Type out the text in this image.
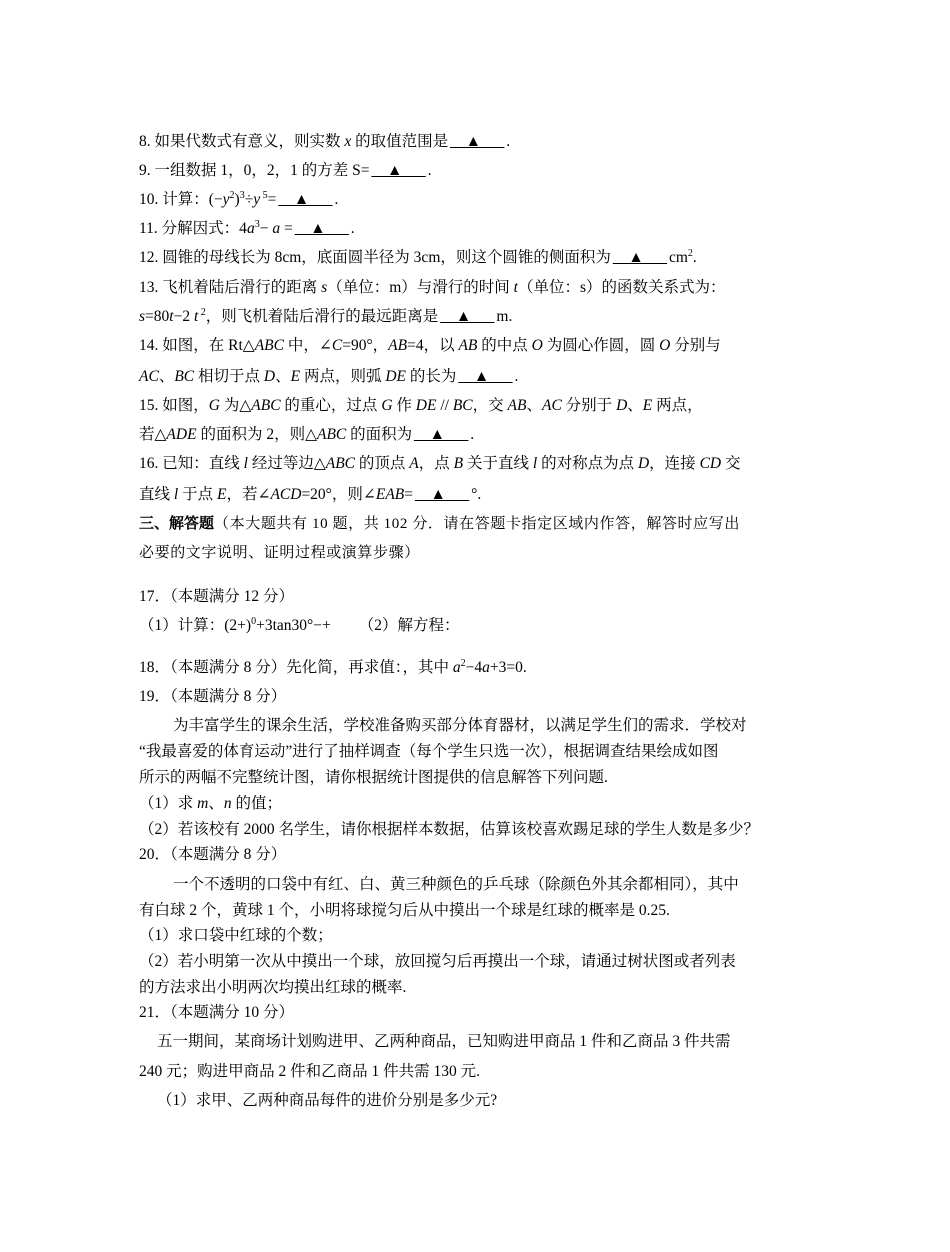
8. 如果代数式有意义，则实数 x 的取值范围是 __▲___ .
9. 一组数据 1，0，2，1 的方差 S= __▲___ .
10. 计算：$(-y^2)^3\div y$ $^5$= __▲___ .
11. 分解因式：$4a^3- a$ = __▲___ .
12. 圆锥的母线长为 8cm，底面圆半径为 3cm，则这个圆锥的侧面积为 __▲___ $cm^2$.
13. 飞机着陆后滑行的距离 s（单位：m）与滑行的时间 t（单位：s）的函数关系式为：
s=80t−2 t $^2$，则飞机着陆后滑行的最远距离是 __▲___ m.
14. 如图，在 Rt△ABC 中，∠C=90°，AB=4，以 AB 的中点 O 为圆心作圆，圆 O 分别与
AC、BC 相切于点 D、E 两点，则弧 DE 的长为 __▲___ .
15. 如图，G 为△ABC 的重心，过点 G 作 DE // BC，交 AB、AC 分别于 D、E 两点，
若△ADE 的面积为 2，则△ABC 的面积为 __▲___ .
16. 已知：直线 l 经过等边△ABC 的顶点 A，点 B 关于直线 l 的对称点为点 D，连接 CD 交
直线 l 于点 E，若∠ACD=20°，则∠EAB= __▲___ °.
三、解答题（本大题共有 10 题，共 102 分．请在答题卡指定区域内作答，解答时应写出
必要的文字说明、证明过程或演算步骤）
17．（本题满分 12 分）
（1）计算：$(2+)^0+3\tan 30^\circ-+ (2)$解方程：
18．（本题满分 8 分）先化简，再求值：，其中 $a^2-4a+3=0$.
19．（本题满分 8 分）
为丰富学生的课余生活，学校准备购买部分体育器材，以满足学生们的需求．学校对
“我最喜爱的体育运动”进行了抽样调查（每个学生只选一次），根据调查结果绘成如图
所示的两幅不完整统计图，请你根据统计图提供的信息解答下列问题.
（1）求 m、n 的值；
（2）若该校有 2000 名学生，请你根据样本数据，估算该校喜欢踢足球的学生人数是多少？
20．（本题满分 8 分）
一个不透明的口袋中有红、白、黄三种颜色的乒乓球（除颜色外其余都相同），其中
有白球 2 个，黄球 1 个，小明将球搅匀后从中摸出一个球是红球的概率是 0.25.
（1）求口袋中红球的个数；
（2）若小明第一次从中摸出一个球，放回搅匀后再摸出一个球，请通过树状图或者列表
的方法求出小明两次均摸出红球的概率.
21．（本题满分 10 分）
五一期间，某商场计划购进甲、乙两种商品，已知购进甲商品 1 件和乙商品 3 件共需
240 元；购进甲商品 2 件和乙商品 1 件共需 130 元.
（1）求甲、乙两种商品每件的进价分别是多少元?
